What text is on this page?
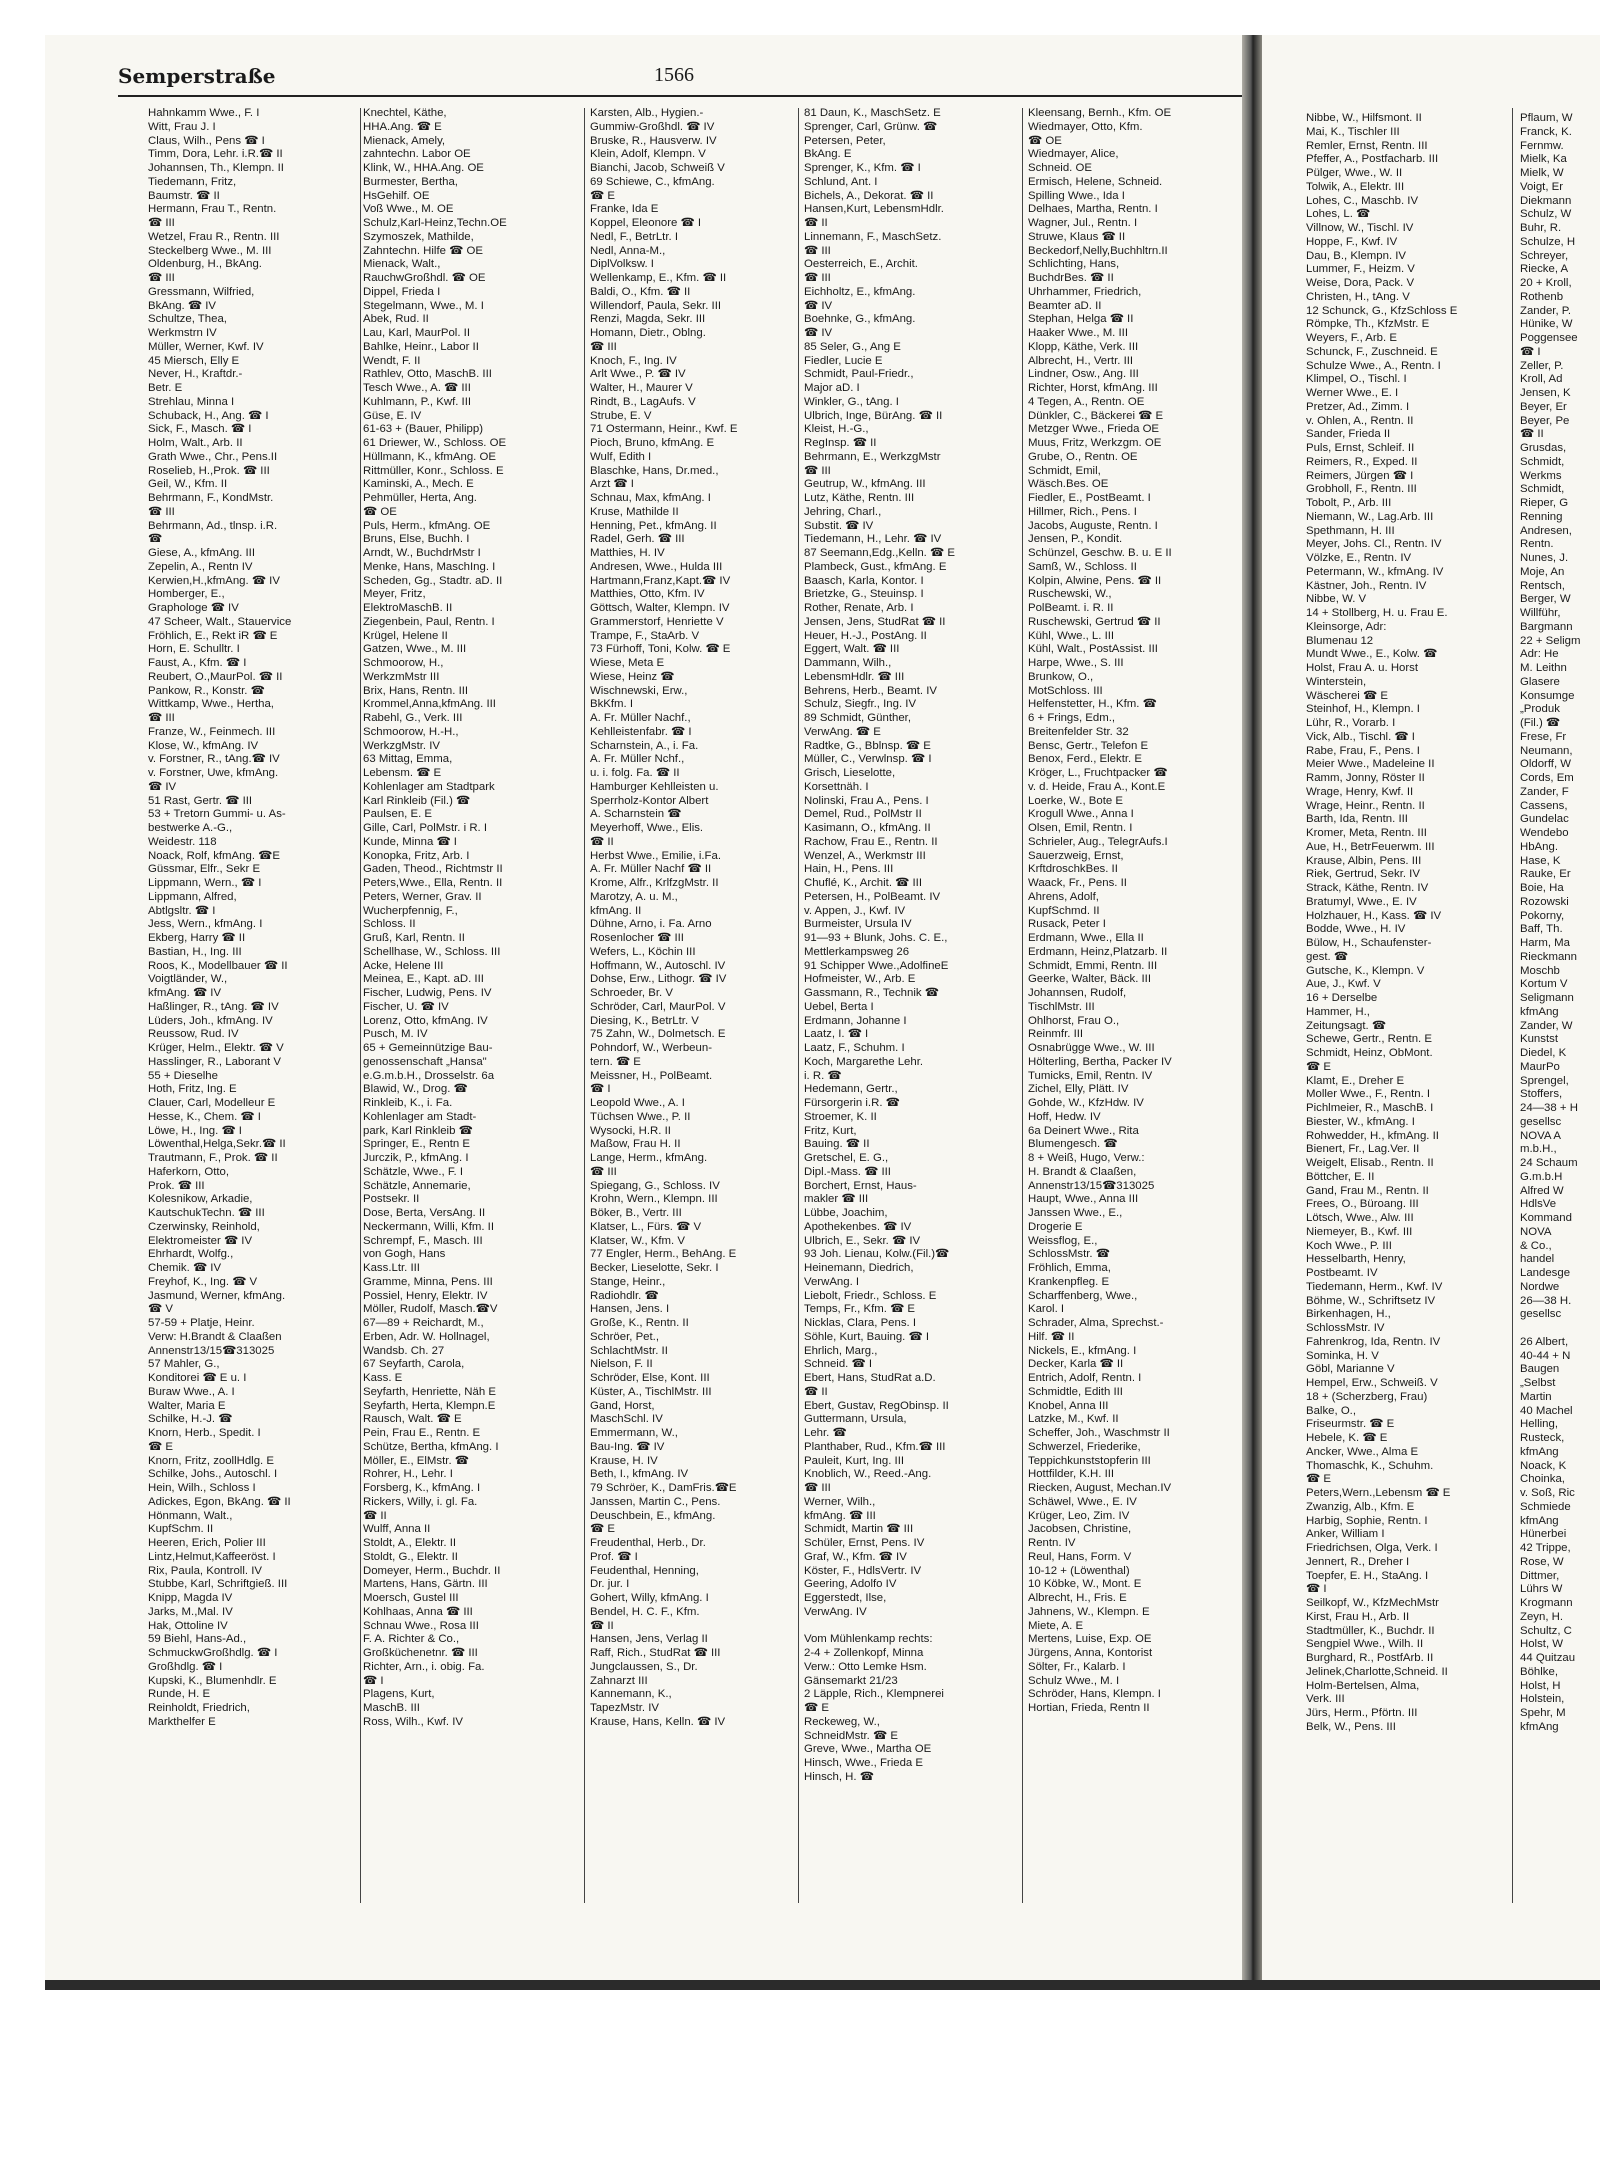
Semperstraße	1566
Hahnkamm Wwe., F. I
Witt, Frau J. I
Claus, Wilh., Pens ☎ I
Timm, Dora, Lehr. i.R.☎ II
Johannsen, Th., Klempn. II
Tiedemann, Fritz,
Baumstr. ☎ II
Hermann, Frau T., Rentn.
☎ III
Wetzel, Frau R., Rentn. III
Steckelberg Wwe., M. III
Oldenburg, H., BkAng.
☎ III
Gressmann, Wilfried,
BkAng. ☎ IV
Schultze, Thea,
Werkmstrn IV
Müller, Werner, Kwf. IV
45 Miersch, Elly E
Never, H., Kraftdr.-
Betr. E
Strehlau, Minna I
Schuback, H., Ang. ☎ I
Sick, F., Masch. ☎ I
Holm, Walt., Arb. II
Grath Wwe., Chr., Pens.II
Roselieb, H.,Prok. ☎ III
Geil, W., Kfm. II
Behrmann, F., KondMstr.
☎ III
Behrmann, Ad., tlnsp. i.R.
☎
Giese, A., kfmAng. III
Zepelin, A., Rentn IV
Kerwien,H.,kfmAng. ☎ IV
Homberger, E.,
Graphologe ☎ IV
47 Scheer, Walt., Stauervice
Fröhlich, E., Rekt iR ☎ E
Horn, E. Schulltr. I
Faust, A., Kfm. ☎ I
Reubert, O.,MaurPol. ☎ II
Pankow, R., Konstr. ☎
Wittkamp, Wwe., Hertha,
☎ III
Franze, W., Feinmech. III
Klose, W., kfmAng. IV
v. Forstner, R., tAng.☎ IV
v. Forstner, Uwe, kfmAng.
☎ IV
51 Rast, Gertr. ☎ III
53 + Tretorn Gummi- u. As-
bestwerke A.-G.,
Weidestr. 118
Noack, Rolf, kfmAng. ☎E
Güssmar, Elfr., Sekr E
Lippmann, Wern., ☎ I
Lippmann, Alfred,
Abtlgsltr. ☎ I
Jess, Wern., kfmAng. I
Ekberg, Harry ☎ II
Bastian, H., Ing. III
Roos, K., Modellbauer ☎ II
Voigtländer, W.,
kfmAng. ☎ IV
Haßlinger, R., tAng. ☎ IV
Lüders, Joh., kfmAng. IV
Reussow, Rud. IV
Krüger, Helm., Elektr. ☎ V
Hasslinger, R., Laborant V
55 + Dieselhe
Hoth, Fritz, Ing. E
Clauer, Carl, Modelleur E
Hesse, K., Chem. ☎ I
Löwe, H., Ing. ☎ I
Löwenthal,Helga,Sekr.☎ II
Trautmann, F., Prok. ☎ II
Haferkorn, Otto,
Prok. ☎ III
Kolesnikow, Arkadie,
KautschukTechn. ☎ III
Czerwinsky, Reinhold,
Elektromeister ☎ IV
Ehrhardt, Wolfg.,
Chemik. ☎ IV
Freyhof, K., Ing. ☎ V
Jasmund, Werner, kfmAng.
☎ V
57-59 + Platje, Heinr.
Verw: H.Brandt & Claaßen
Annenstr13/15☎313025
57 Mahler, G.,
Konditorei ☎ E u. I
Buraw Wwe., A. I
Walter, Maria E
Schilke, H.-J. ☎
Knorn, Herb., Spedit. I
☎ E
Knorn, Fritz, zoollHdlg. E
Schilke, Johs., Autoschl. I
Hein, Wilh., Schloss I
Adickes, Egon, BkAng. ☎ II
Hönmann, Walt.,
KupfSchm. II
Heeren, Erich, Polier III
Lintz,Helmut,Kaffeeröst. I
Rix, Paula, Kontroll. IV
Stubbe, Karl, Schriftgieß. III
Knipp, Magda IV
Jarks, M.,Mal. IV
Hak, Ottoline IV
59 Biehl, Hans-Ad.,
SchmuckwGroßhdlg. ☎ I
Großhdlg. ☎ I
Kupski, K., Blumenhdlr. E
Runde, H. E
Reinholdt, Friedrich,
Markthelfer E
Knechtel, Käthe,
HHA.Ang. ☎ E
Mienack, Amely,
zahntechn. Labor OE
Klink, W., HHA.Ang. OE
Burmester, Bertha,
HsGehilf. OE
Voß Wwe., M. OE
Schulz,Karl-Heinz,Techn.OE
Szymoszek, Mathilde,
Zahntechn. Hilfe ☎ OE
Mienack, Walt.,
RauchwGroßhdl. ☎ OE
Dippel, Frieda I
Stegelmann, Wwe., M. I
Abek, Rud. II
Lau, Karl, MaurPol. II
Bahlke, Heinr., Labor II
Wendt, F. II
Rathlev, Otto, MaschB. III
Tesch Wwe., A. ☎ III
Kuhlmann, P., Kwf. III
Güse, E. IV
61-63 + (Bauer, Philipp)
61 Driewer, W., Schloss. OE
Hüllmann, K., kfmAng. OE
Rittmüller, Konr., Schloss. E
Kaminski, A., Mech. E
Pehmüller, Herta, Ang.
☎ OE
Puls, Herm., kfmAng. OE
Bruns, Else, Buchh. I
Arndt, W., BuchdrMstr I
Menke, Hans, MaschIng. I
Scheden, Gg., Stadtr. aD. II
Meyer, Fritz,
ElektroMaschB. II
Ziegenbein, Paul, Rentn. I
Krügel, Helene II
Gatzen, Wwe., M. III
Schmoorow, H.,
WerkzmMstr III
Brix, Hans, Rentn. III
Krommel,Anna,kfmAng. III
Rabehl, G., Verk. III
Schmoorow, H.-H.,
WerkzgMstr. IV
63 Mittag, Emma,
Lebensm. ☎ E
Kohlenlager am Stadtpark
Karl Rinkleib (Fil.) ☎
Paulsen, E. E
Gille, Carl, PolMstr. i R. I
Kunde, Minna ☎ I
Konopka, Fritz, Arb. I
Gaden, Theod., Richtmstr II
Peters,Wwe., Ella, Rentn. II
Peters, Werner, Grav. II
Wucherpfennig, F.,
Schloss. II
Gruß, Karl, Rentn. II
Schellhase, W., Schloss. III
Acke, Helene III
Meinea, E., Kapt. aD. III
Fischer, Ludwig, Pens. IV
Fischer, U. ☎ IV
Lorenz, Otto, kfmAng. IV
Pusch, M. IV
65 + Gemeinnützige Bau-
genossenschaft „Hansa"
e.G.m.b.H., Drosselstr. 6a
Blawid, W., Drog. ☎
Rinkleib, K., i. Fa.
Kohlenlager am Stadt-
park, Karl Rinkleib ☎
Springer, E., Rentn E
Jurczik, P., kfmAng. I
Schätzle, Wwe., F. I
Schätzle, Annemarie,
Postsekr. II
Dose, Berta, VersAng. II
Neckermann, Willi, Kfm. II
Schrempf, F., Masch. III
von Gogh, Hans
Kass.Ltr. III
Gramme, Minna, Pens. III
Possiel, Henry, Elektr. IV
Möller, Rudolf, Masch.☎V
67—89 + Reichardt, M.,
Erben, Adr. W. Hollnagel,
Wandsb. Ch. 27
67 Seyfarth, Carola,
Kass. E
Seyfarth, Henriette, Näh E
Seyfarth, Herta, Klempn.E
Rausch, Walt. ☎ E
Pein, Frau E., Rentn. E
Schütze, Bertha, kfmAng. I
Möller, E., ElMstr. ☎
Rohrer, H., Lehr. I
Forsberg, K., kfmAng. I
Rickers, Willy, i. gl. Fa.
☎ II
Wulff, Anna II
Stoldt, A., Elektr. II
Stoldt, G., Elektr. II
Domeyer, Herm., Buchdr. II
Martens, Hans, Gärtn. III
Moersch, Gustel III
Kohlhaas, Anna ☎ III
Schnau Wwe., Rosa III
F. A. Richter & Co.,
Großküchenetnr. ☎ III
Richter, Arn., i. obig. Fa.
☎ I
Plagens, Kurt,
MaschB. III
Ross, Wilh., Kwf. IV
Karsten, Alb., Hygien.-
Gummiw-Großhdl. ☎ IV
Bruske, R., Hausverw. IV
Klein, Adolf, Klempn. V
Bianchi, Jacob, Schweiß V
69 Schiewe, C., kfmAng.
☎ E
Franke, Ida E
Koppel, Eleonore ☎ I
Nedl, F., BetrLtr. I
Nedl, Anna-M.,
DiplVolksw. I
Wellenkamp, E., Kfm. ☎ II
Baldi, O., Kfm. ☎ II
Willendorf, Paula, Sekr. III
Renzi, Magda, Sekr. III
Homann, Dietr., Oblng.
☎ III
Knoch, F., Ing. IV
Arlt Wwe., P. ☎ IV
Walter, H., Maurer V
Rindt, B., LagAufs. V
Strube, E. V
71 Ostermann, Heinr., Kwf. E
Pioch, Bruno, kfmAng. E
Wulf, Edith I
Blaschke, Hans, Dr.med.,
Arzt ☎ I
Schnau, Max, kfmAng. I
Kruse, Mathilde II
Henning, Pet., kfmAng. II
Radel, Gerh. ☎ III
Matthies, H. IV
Andresen, Wwe., Hulda III
Hartmann,Franz,Kapt.☎ IV
Matthies, Otto, Kfm. IV
Göttsch, Walter, Klempn. IV
Grammerstorf, Henriette V
Trampe, F., StaArb. V
73 Fürhoff, Toni, Kolw. ☎ E
Wiese, Meta E
Wiese, Heinz ☎
Wischnewski, Erw.,
BkKfm. I
A. Fr. Müller Nachf.,
Kehlleistenfabr. ☎ I
Scharnstein, A., i. Fa.
A. Fr. Müller Nchf.,
u. i. folg. Fa. ☎ II
Hamburger Kehlleisten u.
Sperrholz-Kontor Albert
A. Scharnstein ☎
Meyerhoff, Wwe., Elis.
☎ II
Herbst Wwe., Emilie, i.Fa.
A. Fr. Müller Nachf ☎ II
Krome, Alfr., KrlfzgMstr. II
Marotzy, A. u. M.,
kfmAng. II
Dühne, Arno, i. Fa. Arno
Rosenlocher ☎ III
Wefers, L., Köchin III
Hoffmann, W., Autoschl. IV
Dohse, Erw., Lithogr. ☎ IV
Schroeder, Br. V
Schröder, Carl, MaurPol. V
Diesing, K., BetrLtr. V
75 Zahn, W., Dolmetsch. E
Pohndorf, W., Werbeun-
tern. ☎ E
Meissner, H., PolBeamt.
☎ I
Leopold Wwe., A. I
Tüchsen Wwe., P. II
Wysocki, H.R. II
Maßow, Frau H. II
Lange, Herm., kfmAng.
☎ III
Spiegang, G., Schloss. IV
Krohn, Wern., Klempn. III
Böker, B., Vertr. III
Klatser, L., Fürs. ☎ V
Klatser, W., Kfm. V
77 Engler, Herm., BehAng. E
Becker, Lieselotte, Sekr. I
Stange, Heinr.,
Radiohdlr. ☎
Hansen, Jens. I
Große, K., Rentn. II
Schröer, Pet.,
SchlachtMstr. II
Nielson, F. II
Schröder, Else, Kont. III
Küster, A., TischlMstr. III
Gand, Horst,
MaschSchl. IV
Emmermann, W.,
Bau-Ing. ☎ IV
Krause, H. IV
Beth, I., kfmAng. IV
79 Schröer, K., DamFris.☎E
Janssen, Martin C., Pens.
Deuschbein, E., kfmAng.
☎ E
Freudenthal, Herb., Dr.
Prof. ☎ I
Feudenthal, Henning,
Dr. jur. I
Gohert, Willy, kfmAng. I
Bendel, H. C. F., Kfm.
☎ II
Hansen, Jens, Verlag II
Raff, Rich., StudRat ☎ III
Jungclaussen, S., Dr.
Zahnarzt III
Kannemann, K.,
TapezMstr. IV
Krause, Hans, Kelln. ☎ IV
81 Daun, K., MaschSetz. E
Sprenger, Carl, Grünw. ☎
Petersen, Peter,
BkAng. E
Sprenger, K., Kfm. ☎ I
Schlund, Ant. I
Bichels, A., Dekorat. ☎ II
Hansen,Kurt, LebensmHdlr.
☎ II
Linnemann, F., MaschSetz.
☎ III
Oesterreich, E., Archit.
☎ III
Eichholtz, E., kfmAng.
☎ IV
Boehnke, G., kfmAng.
☎ IV
85 Seler, G., Ang E
Fiedler, Lucie E
Schmidt, Paul-Friedr.,
Major aD. I
Winkler, G., tAng. I
Ulbrich, Inge, BürAng. ☎ II
Kleist, H.-G.,
RegInsp. ☎ II
Behrmann, E., WerkzgMstr
☎ III
Geutrup, W., kfmAng. III
Lutz, Käthe, Rentn. III
Jehring, Charl.,
Substit. ☎ IV
Tiedemann, H., Lehr. ☎ IV
87 Seemann,Edg.,Kelln. ☎ E
Plambeck, Gust., kfmAng. E
Baasch, Karla, Kontor. I
Brietzke, G., Steuinsp. I
Rother, Renate, Arb. I
Jensen, Jens, StudRat ☎ II
Heuer, H.-J., PostAng. II
Eggert, Walt. ☎ III
Dammann, Wilh.,
LebensmHdlr. ☎ III
Behrens, Herb., Beamt. IV
Schulz, Siegfr., Ing. IV
89 Schmidt, Günther,
VerwAng. ☎ E
Radtke, G., Bblnsp. ☎ E
Müller, C., Verwlnsp. ☎ I
Grisch, Lieselotte,
Korsettnäh. I
Nolinski, Frau A., Pens. I
Demel, Rud., PolMstr II
Kasimann, O., kfmAng. II
Rachow, Frau E., Rentn. II
Wenzel, A., Werkmstr III
Hain, H., Pens. III
Chuflé, K., Archit. ☎ III
Petersen, H., PolBeamt. IV
v. Appen, J., Kwf. IV
Burmeister, Ursula IV
91—93 + Blunk, Johs. C. E.,
Mettlerkampsweg 26
91 Schipper Wwe.,AdolfineE
Hofmeister, W., Arb. E
Gassmann, R., Technik ☎
Uebel, Berta I
Erdmann, Johanne I
Laatz, I. ☎ I
Laatz, F., Schuhm. I
Koch, Margarethe Lehr.
i. R. ☎
Hedemann, Gertr.,
Fürsorgerin i.R. ☎
Stroemer, K. II
Fritz, Kurt,
Bauing. ☎ II
Gretschel, E. G.,
Dipl.-Mass. ☎ III
Borchert, Ernst, Haus-
makler ☎ III
Lübbe, Joachim,
Apothekenbes. ☎ IV
Ulbrich, E., Sekr. ☎ IV
93 Joh. Lienau, Kolw.(Fil.)☎
Heinemann, Diedrich,
VerwAng. I
Liebolt, Friedr., Schloss. E
Temps, Fr., Kfm. ☎ E
Nicklas, Clara, Pens. I
Söhle, Kurt, Bauing. ☎ I
Ehrlich, Marg.,
Schneid. ☎ I
Ebert, Hans, StudRat a.D.
☎ II
Ebert, Gustav, RegObinsp. II
Guttermann, Ursula,
Lehr. ☎
Planthaber, Rud., Kfm.☎ III
Pauleit, Kurt, Ing. III
Knoblich, W., Reed.-Ang.
☎ III
Werner, Wilh.,
kfmAng. ☎ III
Schmidt, Martin ☎ III
Schüler, Ernst, Pens. IV
Graf, W., Kfm. ☎ IV
Köster, F., HdlsVertr. IV
Geering, Adolfo IV
Eggerstedt, Ilse,
VerwAng. IV

Vom Mühlenkamp rechts:
2-4 + Zollenkopf, Minna
Verw.: Otto Lemke Hsm.
Gänsemarkt 21/23
2 Läpple, Rich., Klempnerei
☎ E
Reckeweg, W.,
SchneidMstr. ☎ E
Greve, Wwe., Martha OE
Hinsch, Wwe., Frieda E
Hinsch, H. ☎
Kleensang, Bernh., Kfm. OE
Wiedmayer, Otto, Kfm.
☎ OE
Wiedmayer, Alice,
Schneid. OE
Ermisch, Helene, Schneid.
Spilling Wwe., Ida I
Delhaes, Martha, Rentn. I
Wagner, Jul., Rentn. I
Struwe, Klaus ☎ II
Beckedorf,Nelly,Buchhltrn.II
Schlichting, Hans,
BuchdrBes. ☎ II
Uhrhammer, Friedrich,
Beamter aD. II
Stephan, Helga ☎ II
Haaker Wwe., M. III
Klopp, Käthe, Verk. III
Albrecht, H., Vertr. III
Lindner, Osw., Ang. III
Richter, Horst, kfmAng. III
4 Tegen, A., Rentn. OE
Dünkler, C., Bäckerei ☎ E
Metzger Wwe., Frieda OE
Muus, Fritz, Werkzgm. OE
Grube, O., Rentn. OE
Schmidt, Emil,
Wäsch.Bes. OE
Fiedler, E., PostBeamt. I
Hillmer, Rich., Pens. I
Jacobs, Auguste, Rentn. I
Jensen, P., Kondit.
Schünzel, Geschw. B. u. E II
Samß, W., Schloss. II
Kolpin, Alwine, Pens. ☎ II
Ruschewski, W.,
PolBeamt. i. R. II
Ruschewski, Gertrud ☎ II
Kühl, Wwe., L. III
Kühl, Walt., PostAssist. III
Harpe, Wwe., S. III
Brunkow, O.,
MotSchloss. III
Helfenstetter, H., Kfm. ☎
6 + Frings, Edm.,
Breitenfelder Str. 32
Bensc, Gertr., Telefon E
Benox, Ferd., Elektr. E
Kröger, L., Fruchtpacker ☎
v. d. Heide, Frau A., Kont.E
Loerke, W., Bote E
Krogull Wwe., Anna I
Olsen, Emil, Rentn. I
Schrieler, Aug., TelegrAufs.I
Sauerzweig, Ernst,
KrftdroschkBes. II
Waack, Fr., Pens. II
Ahrens, Adolf,
KupfSchmd. II
Rusack, Peter I
Erdmann, Wwe., Ella II
Erdmann, Heinz,Platzarb. II
Schmidt, Emmi, Rentn. III
Geerke, Walter, Bäck. III
Johannsen, Rudolf,
TischlMstr. III
Ohlhorst, Frau O.,
Reinmfr. III
Osnabrügge Wwe., W. III
Hölterling, Bertha, Packer IV
Tumicks, Emil, Rentn. IV
Zichel, Elly, Plätt. IV
Gohde, W., KfzHdw. IV
Hoff, Hedw. IV
6a Deinert Wwe., Rita
Blumengesch. ☎
8 + Weiß, Hugo, Verw.:
H. Brandt & Claaßen,
Annenstr13/15☎313025
Haupt, Wwe., Anna III
Janssen Wwe., E.,
Drogerie E
Weissflog, E.,
SchlossMstr. ☎
Fröhlich, Emma,
Krankenpfleg. E
Scharffenberg, Wwe.,
Karol. I
Schrader, Alma, Sprechst.-
Hilf. ☎ II
Nickels, E., kfmAng. I
Decker, Karla ☎ II
Entrich, Adolf, Rentn. I
Schmidtle, Edith III
Knobel, Anna III
Latzke, M., Kwf. II
Scheffer, Joh., Waschmstr II
Schwerzel, Friederike,
Teppichkunststopferin III
Hottfilder, K.H. III
Riecken, August, Mechan.IV
Schäwel, Wwe., E. IV
Krüger, Leo, Zim. IV
Jacobsen, Christine,
Rentn. IV
Reul, Hans, Form. V
10-12 + (Löwenthal)
10 Köbke, W., Mont. E
Albrecht, H., Fris. E
Jahnens, W., Klempn. E
Miete, A. E
Mertens, Luise, Exp. OE
Jürgens, Anna, Kontorist
Sölter, Fr., Kalarb. I
Schulz Wwe., M. I
Schröder, Hans, Klempn. I
Hortian, Frieda, Rentn II
Nibbe, W., Hilfsmont. II
Mai, K., Tischler III
Remler, Ernst, Rentn. III
Pfeffer, A., Postfacharb. III
Pülger, Wwe., W. II
Tolwik, A., Elektr. III
Lohes, C., Maschb. IV
Lohes, L. ☎
Villnow, W., Tischl. IV
Hoppe, F., Kwf. IV
Dau, B., Klempn. IV
Lummer, F., Heizm. V
Weise, Dora, Pack. V
Christen, H., tAng. V
12 Schunck, G., KfzSchloss E
Römpke, Th., KfzMstr. E
Weyers, F., Arb. E
Schunck, F., Zuschneid. E
Schulze Wwe., A., Rentn. I
Klimpel, O., Tischl. I
Werner Wwe., E. I
Pretzer, Ad., Zimm. I
v. Ohlen, A., Rentn. II
Sander, Frieda II
Puls, Ernst, Schleif. II
Reimers, R., Exped. II
Reimers, Jürgen ☎ I
Grobholl, F., Rentn. III
Tobolt, P., Arb. III
Niemann, W., Lag.Arb. III
Spethmann, H. III
Meyer, Johs. Cl., Rentn. IV
Völzke, E., Rentn. IV
Petermann, W., kfmAng. IV
Kästner, Joh., Rentn. IV
Nibbe, W. V
14 + Stollberg, H. u. Frau E.
Kleinsorge, Adr:
Blumenau 12
Mundt Wwe., E., Kolw. ☎
Holst, Frau A. u. Horst
Winterstein,
Wäscherei ☎ E
Steinhof, H., Klempn. I
Lühr, R., Vorarb. I
Vick, Alb., Tischl. ☎ I
Rabe, Frau, F., Pens. I
Meier Wwe., Madeleine II
Ramm, Jonny, Röster II
Wrage, Henry, Kwf. II
Wrage, Heinr., Rentn. II
Barth, Ida, Rentn. III
Kromer, Meta, Rentn. III
Aue, H., BetrFeuerwm. III
Krause, Albin, Pens. III
Riek, Gertrud, Sekr. IV
Strack, Käthe, Rentn. IV
Bratumyl, Wwe., E. IV
Holzhauer, H., Kass. ☎ IV
Bodde, Wwe., H. IV
Bülow, H., Schaufenster-
gest. ☎
Gutsche, K., Klempn. V
Aue, J., Kwf. V
16 + Derselbe
Hammer, H.,
Zeitungsagt. ☎
Schewe, Gertr., Rentn. E
Schmidt, Heinz, ObMont.
☎ E
Klamt, E., Dreher E
Moller Wwe., F., Rentn. I
Pichlmeier, R., MaschB. I
Biester, W., kfmAng. I
Rohwedder, H., kfmAng. II
Bienert, Fr., Lag.Ver. II
Weigelt, Elisab., Rentn. II
Böttcher, E. II
Gand, Frau M., Rentn. II
Frees, O., Büroang. III
Lötsch, Wwe., Alw. III
Niemeyer, B., Kwf. III
Koch Wwe., P. III
Hesselbarth, Henry,
Postbeamt. IV
Tiedemann, Herm., Kwf. IV
Böhme, W., Schriftsetz IV
Birkenhagen, H.,
SchlossMstr. IV
Fahrenkrog, Ida, Rentn. IV
Sominka, H. V
Göbl, Marianne V
Hempel, Erw., Schweiß. V
18 + (Scherzberg, Frau)
Balke, O.,
Friseurmstr. ☎ E
Hebele, K. ☎ E
Ancker, Wwe., Alma E
Thomaschk, K., Schuhm.
☎ E
Peters,Wern.,Lebensm ☎ E
Zwanzig, Alb., Kfm. E
Harbig, Sophie, Rentn. I
Anker, William I
Friedrichsen, Olga, Verk. I
Jennert, R., Dreher I
Toepfer, E. H., StaAng. I
☎ I
Seilkopf, W., KfzMechMstr
Kirst, Frau H., Arb. II
Stadtmüller, K., Buchdr. II
Sengpiel Wwe., Wilh. II
Burghard, R., PostfArb. II
Jelinek,Charlotte,Schneid. II
Holm-Bertelsen, Alma,
Verk. III
Jürs, Herm., Pförtn. III
Belk, W., Pens. III
Pflaum, W
Franck, K.
Fernmw.
Mielk, Ka
Mielk, W
Voigt, Er
Diekmann
Schulz, W
Buhr, R.
Schulze, H
Schreyer,
Riecke, A
20 + Kroll,
Rothenb
Zander, P.
Hünike, W
Poggensee
☎ I
Zeller, P.
Kroll, Ad
Jensen, K
Beyer, Er
Beyer, Pe
☎ II
Grusdas,
Schmidt,
Werkms
Schmidt,
Rieper, G
Renning
Andresen,
Rentn.
Nunes, J.
Moje, An
Rentsch,
Berger, W
Willführ,
Bargmann
22 + Seligm
Adr: He
M. Leithn
Glasere
Konsumge
„Produk
(Fil.) ☎
Frese, Fr
Neumann,
Oldorff, W
Cords, Em
Zander, F
Cassens,
Gundelac
Wendebo
HbAng.
Hase, K
Rauke, Er
Boie, Ha
Rozowski
Pokorny,
Baff, Th.
Harm, Ma
Rieckmann
Moschb
Kortum V
Seligmann
kfmAng
Zander, W
Kunstst
Diedel, K
MaurPo
Sprengel,
Stoffers,
24—38 + H
gesellsc
NOVA A
m.b.H.,
24 Schaum
G.m.b.H
Alfred W
HdlsVe
Kommand
NOVA
& Co.,
handel
Landesge
Nordwe
26—38 H.
gesellsc

26 Albert,
40-44 + N
Baugen
„Selbst
Martin
40 Machel
Helling,
Rusteck,
kfmAng
Noack, K
Choinka,
v. Soß, Ric
Schmiede
kfmAng
Hünerbei
42 Trippe,
Rose, W
Dittmer,
Lührs W
Krogmann
Zeyn, H.
Schultz, C
Holst, W
44 Quitzau
Böhlke,
Holst, H
Holstein,
Spehr, M
kfmAng
